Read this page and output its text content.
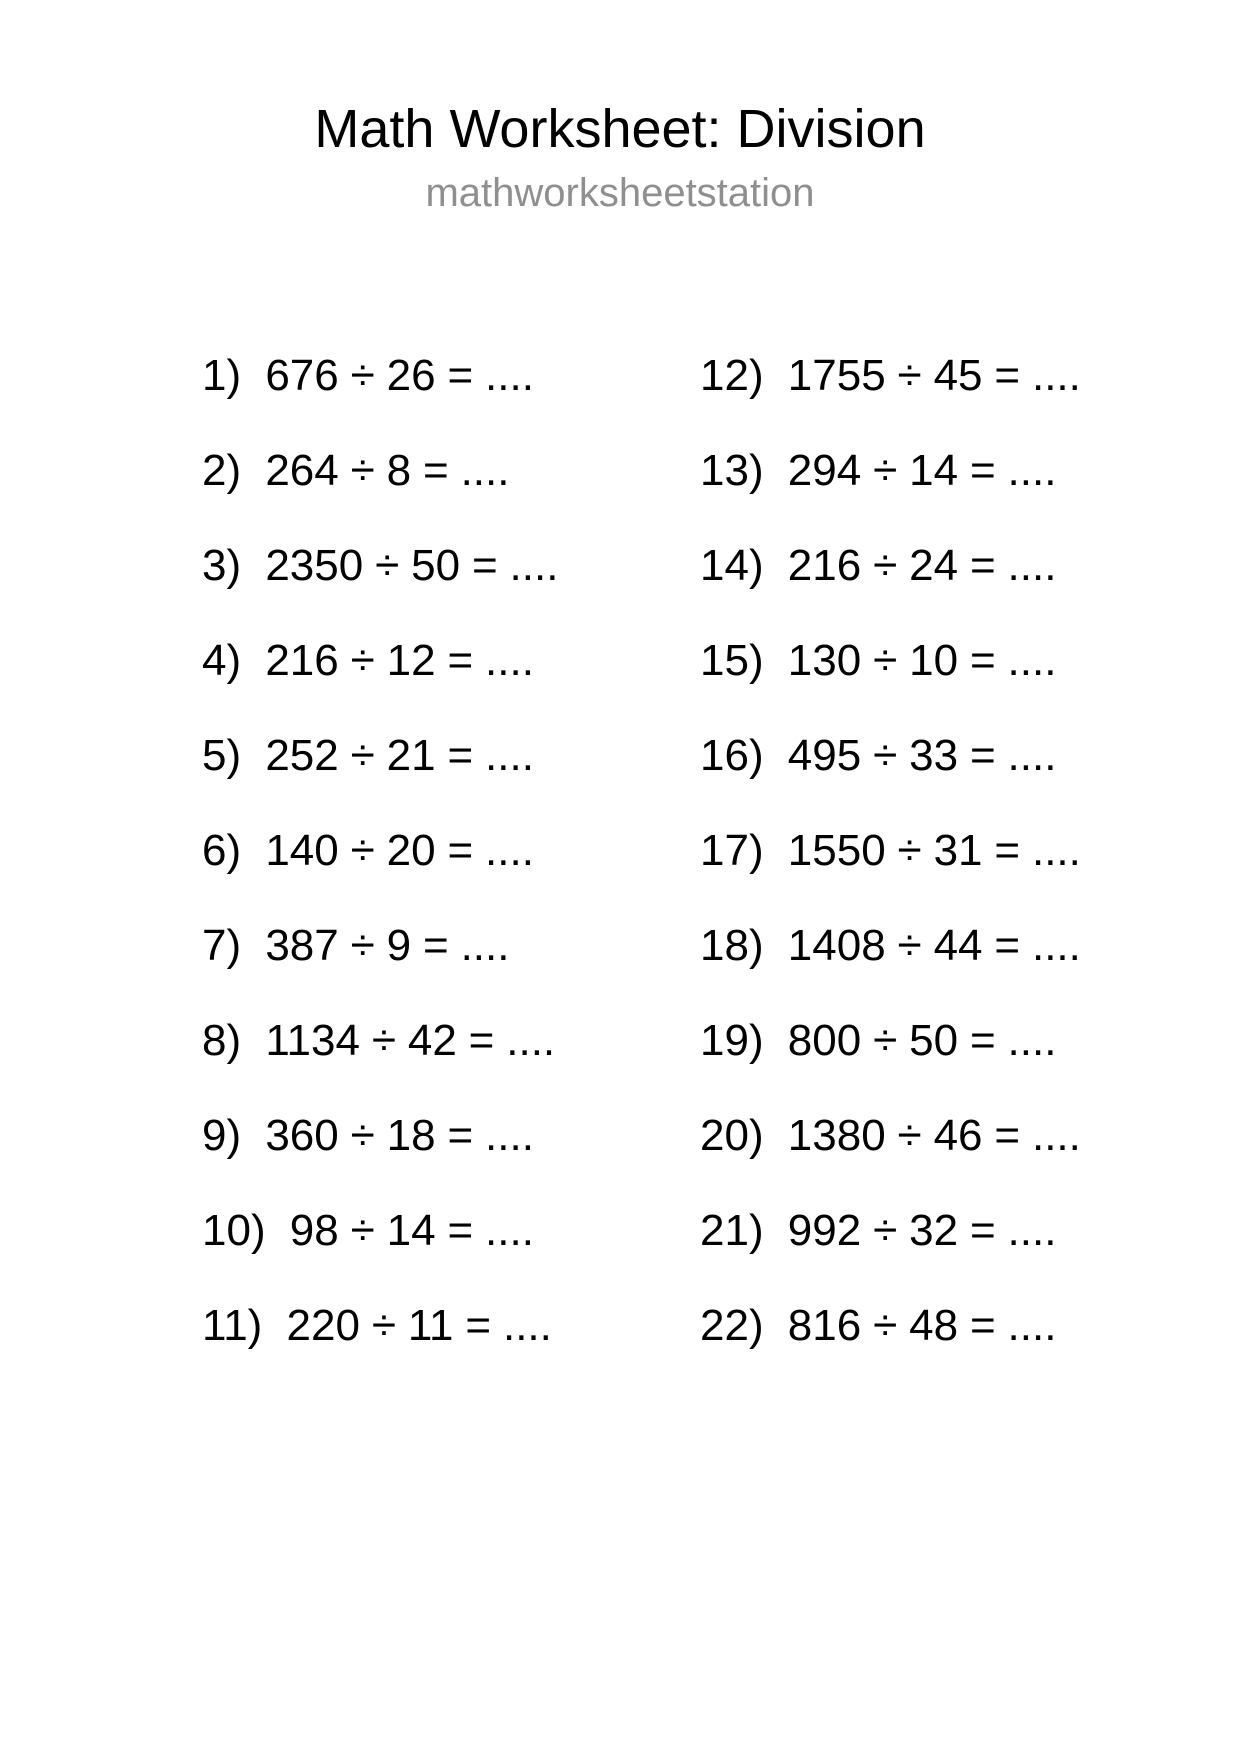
Math Worksheet: Division
mathworksheetstation
1) 676 ÷ 26 = ....
2) 264 ÷ 8 = ....
3) 2350 ÷ 50 = ....
4) 216 ÷ 12 = ....
5) 252 ÷ 21 = ....
6) 140 ÷ 20 = ....
7) 387 ÷ 9 = ....
8) 1134 ÷ 42 = ....
9) 360 ÷ 18 = ....
10) 98 ÷ 14 = ....
11) 220 ÷ 11 = ....
12) 1755 ÷ 45 = ....
13) 294 ÷ 14 = ....
14) 216 ÷ 24 = ....
15) 130 ÷ 10 = ....
16) 495 ÷ 33 = ....
17) 1550 ÷ 31 = ....
18) 1408 ÷ 44 = ....
19) 800 ÷ 50 = ....
20) 1380 ÷ 46 = ....
21) 992 ÷ 32 = ....
22) 816 ÷ 48 = ....
